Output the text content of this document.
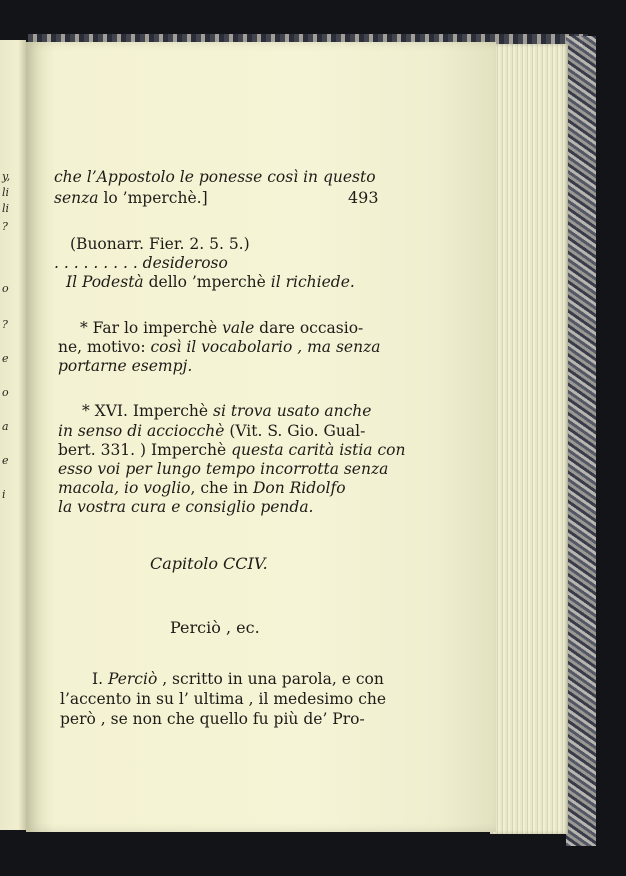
y,
li
li
?
o
?
e
o
a
e
i
493
che l’Appostolo le ponesse così in questo
senza lo ’mperchè.]
(Buonarr. Fier. 2. 5. 5.)
. . . . . . . . . desideroso
Il Podestà dello ’mperchè il richiede.
* Far lo imperchè vale dare occasio-
ne, motivo: così il vocabolario , ma senza
portarne esempj.
* XVI. Imperchè si trova usato anche
in senso di acciocchè (Vit. S. Gio. Gual-
bert. 331. ) Imperchè questa carità istia con
esso voi per lungo tempo incorrotta senza
macola, io voglio, che in Don Ridolfo
la vostra cura e consiglio penda.
Capitolo CCIV.
Perciò , ec.
I. Perciò , scritto in una parola, e con
l’accento in su l’ ultima , il medesimo che
però , se non che quello fu più de’ Pro-
